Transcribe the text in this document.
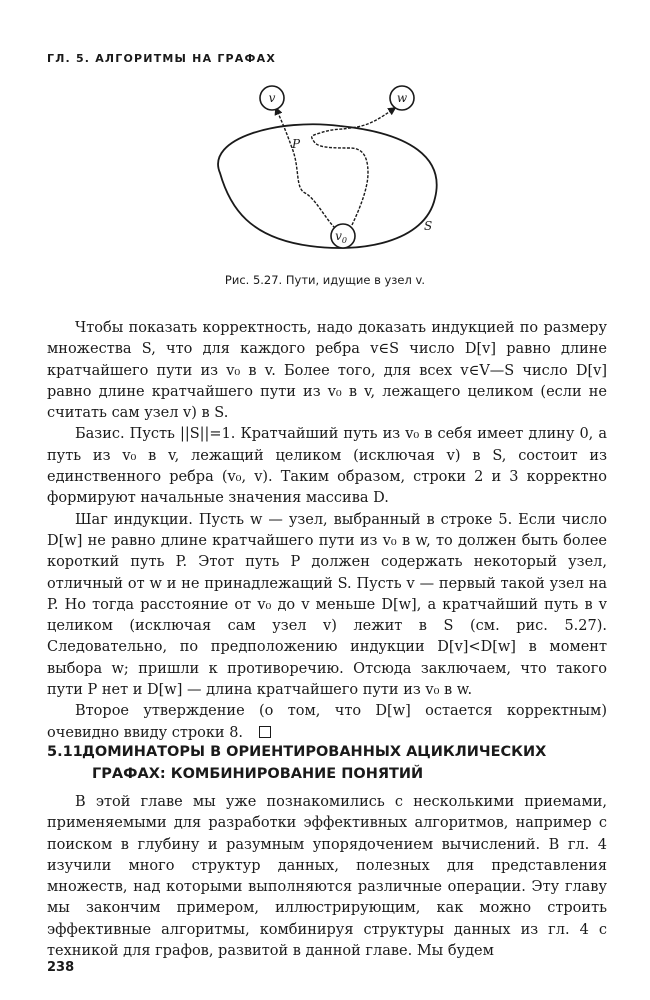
ГЛ. 5. АЛГОРИТМЫ НА ГРАФАХ
v	w
$v_0$
P
S
Рис. 5.27. Пути, идущие в узел v.

Чтобы показать корректность, надо доказать индукцией по размеру множества S, что для каждого ребра v∈S число D[v] равно длине кратчайшего пути из v₀ в v. Более того, для всех v∈V—S число D[v] равно длине кратчайшего пути из v₀ в v, лежащего целиком (если не считать сам узел v) в S.

Базис. Пусть ||S||=1. Кратчайший путь из v₀ в себя имеет длину 0, а путь из v₀ в v, лежащий целиком (исключая v) в S, состоит из единственного ребра (v₀, v). Таким образом, строки 2 и 3 корректно формируют начальные значения массива D.

Шаг индукции. Пусть w — узел, выбранный в строке 5. Если число D[w] не равно длине кратчайшего пути из v₀ в w, то должен быть более короткий путь P. Этот путь P должен содержать некоторый узел, отличный от w и не принадлежащий S. Пусть v — первый такой узел на P. Но тогда расстояние от v₀ до v меньше D[w], а кратчайший путь в v целиком (исключая сам узел v) лежит в S (см. рис. 5.27). Следовательно, по предположению индукции D[v]<D[w] в момент выбора w; пришли к противоречию. Отсюда заключаем, что такого пути P нет и D[w] — длина кратчайшего пути из v₀ в w.

Второе утверждение (о том, что D[w] остается корректным) очевидно ввиду строки 8.

5.11.ДОМИНАТОРЫ В ОРИЕНТИРОВАННЫХ АЦИКЛИЧЕСКИХ
ГРАФАХ: КОМБИНИРОВАНИЕ ПОНЯТИЙ

В этой главе мы уже познакомились с несколькими приемами, применяемыми для разработки эффективных алгоритмов, например с поиском в глубину и разумным упорядочением вычислений. В гл. 4 изучили много структур данных, полезных для представления множеств, над которыми выполняются различные операции. Эту главу мы закончим примером, иллюстрирующим, как можно строить эффективные алгоритмы, комбинируя структуры данных из гл. 4 с техникой для графов, развитой в данной главе. Мы будем

238
